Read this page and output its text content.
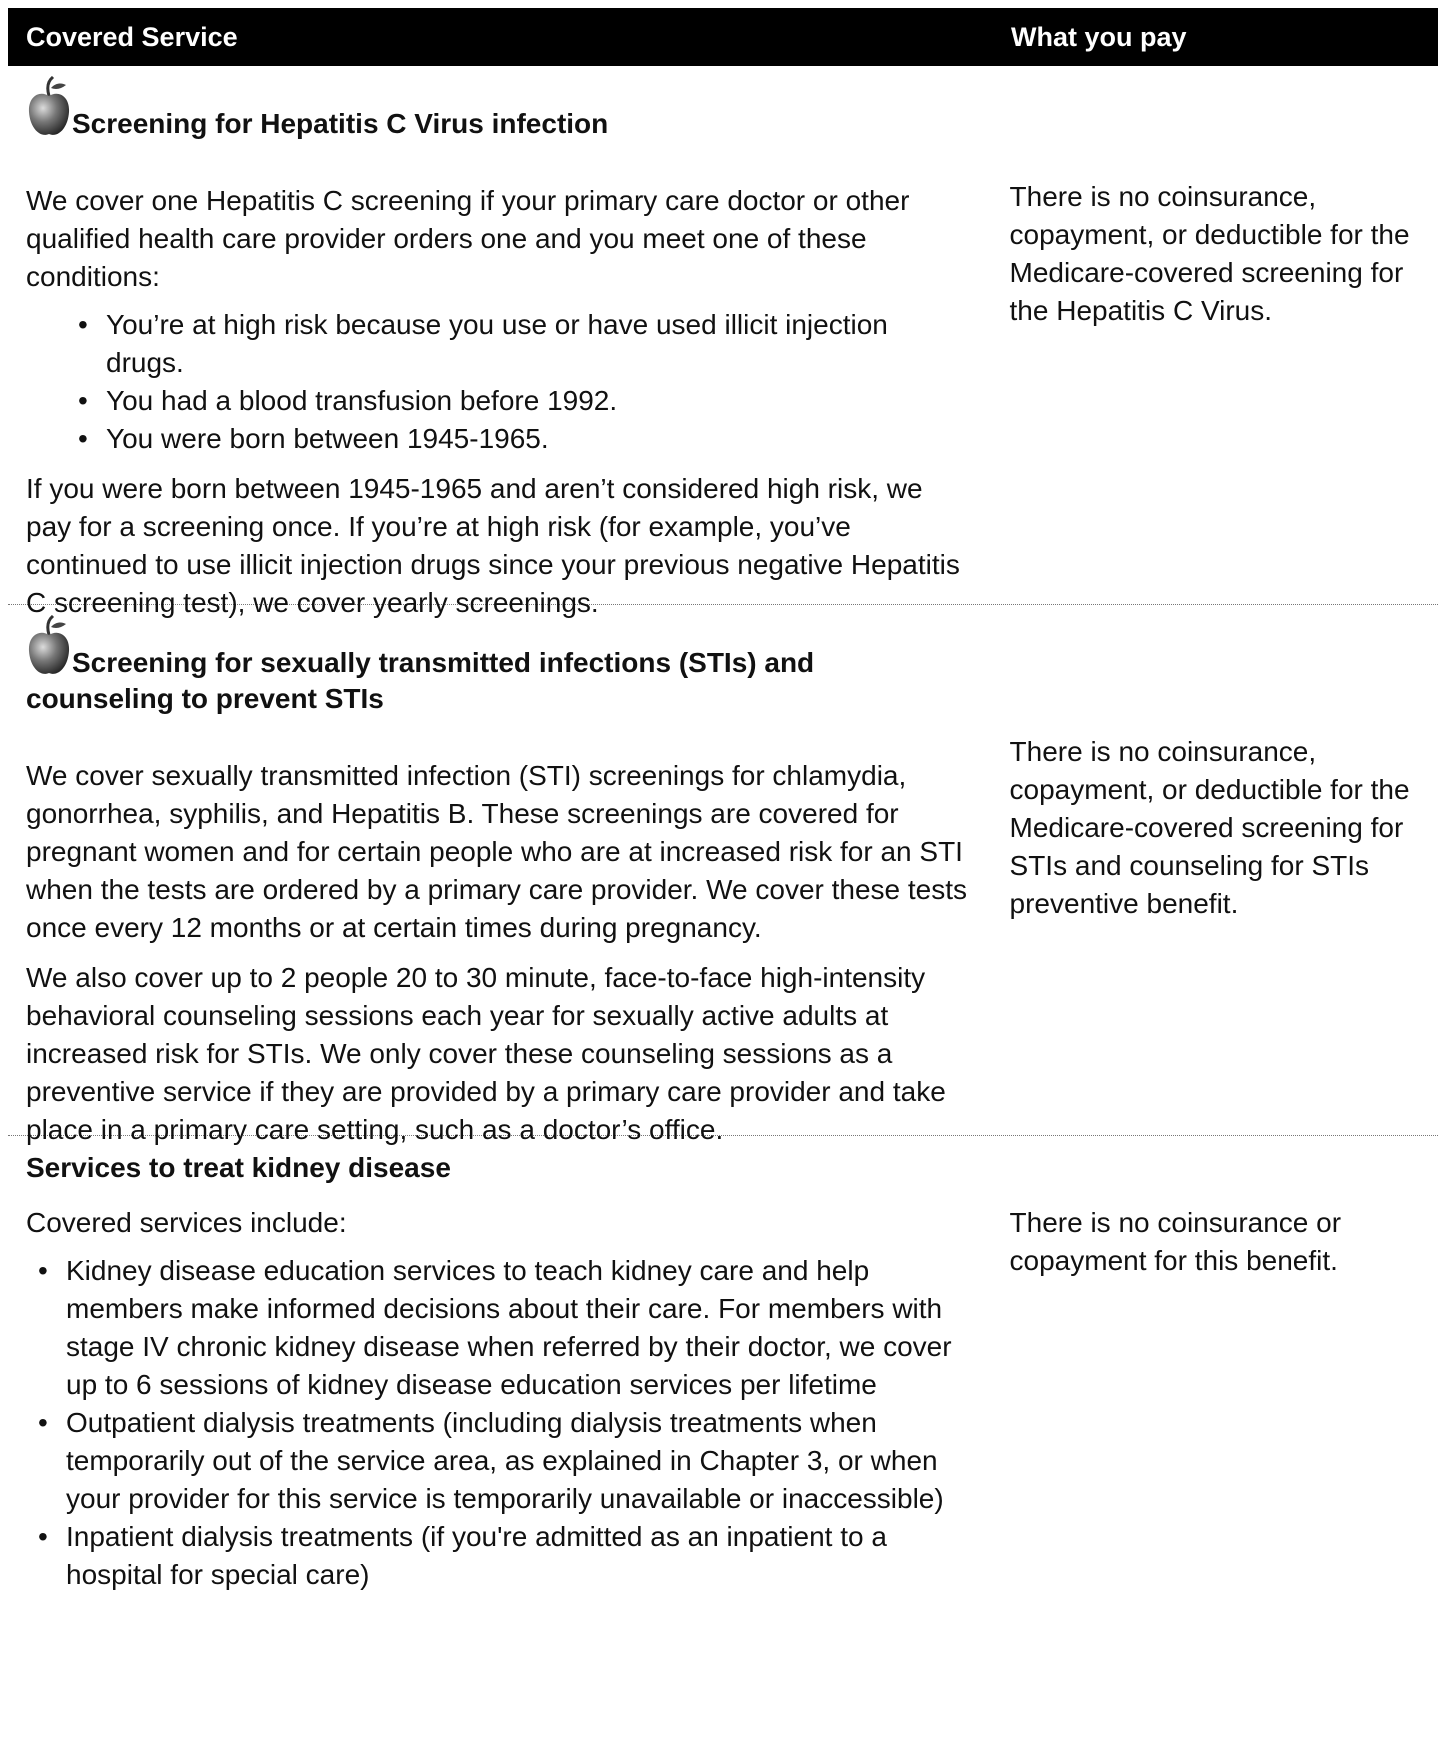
Covered Service	What you pay
Screening for Hepatitis C Virus infection

We cover one Hepatitis C screening if your primary care doctor or other qualified health care provider orders one and you meet one of these conditions:

• You’re at high risk because you use or have used illicit injection drugs.
• You had a blood transfusion before 1992.
• You were born between 1945-1965.

If you were born between 1945-1965 and aren’t considered high risk, we pay for a screening once. If you’re at high risk (for example, you’ve continued to use illicit injection drugs since your previous negative Hepatitis C screening test), we cover yearly screenings.

There is no coinsurance, copayment, or deductible for the Medicare-covered screening for the Hepatitis C Virus.

Screening for sexually transmitted infections (STIs) and
counseling to prevent STIs

We cover sexually transmitted infection (STI) screenings for chlamydia, gonorrhea, syphilis, and Hepatitis B. These screenings are covered for pregnant women and for certain people who are at increased risk for an STI when the tests are ordered by a primary care provider. We cover these tests once every 12 months or at certain times during pregnancy.

We also cover up to 2 people 20 to 30 minute, face-to-face high-intensity behavioral counseling sessions each year for sexually active adults at increased risk for STIs. We only cover these counseling sessions as a preventive service if they are provided by a primary care provider and take place in a primary care setting, such as a doctor’s office.

There is no coinsurance, copayment, or deductible for the Medicare-covered screening for STIs and counseling for STIs preventive benefit.

Services to treat kidney disease

Covered services include:

• Kidney disease education services to teach kidney care and help members make informed decisions about their care. For members with stage IV chronic kidney disease when referred by their doctor, we cover up to 6 sessions of kidney disease education services per lifetime
• Outpatient dialysis treatments (including dialysis treatments when temporarily out of the service area, as explained in Chapter 3, or when your provider for this service is temporarily unavailable or inaccessible)
• Inpatient dialysis treatments (if you're admitted as an inpatient to a hospital for special care)

There is no coinsurance or copayment for this benefit.
